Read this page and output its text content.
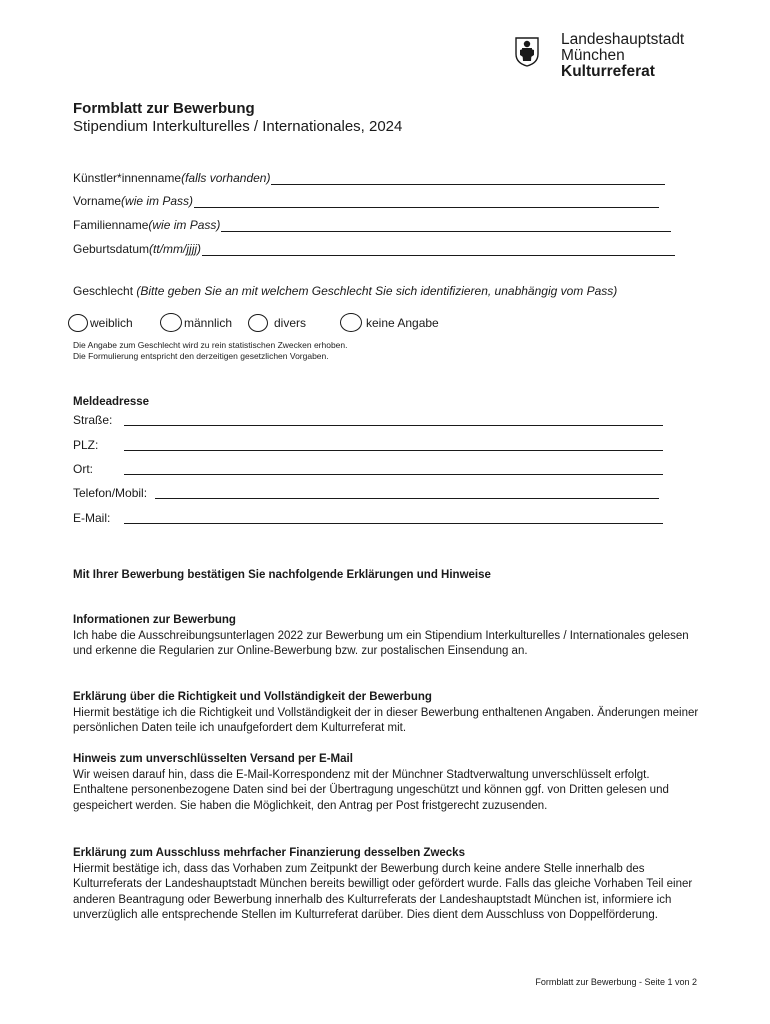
Landeshauptstadt
München
Kulturreferat
Formblatt zur Bewerbung
Stipendium Interkulturelles / Internationales, 2024
Künstler*innenname (falls vorhanden)
Vorname (wie im Pass)
Familienname (wie im Pass)
Geburtsdatum (tt/mm/jjjj)
Geschlecht (Bitte geben Sie an mit welchem Geschlecht Sie sich identifizieren, unabhängig vom Pass)
weiblich	männlich	divers	keine Angabe
Die Angabe zum Geschlecht wird zu rein statistischen Zwecken erhoben.
Die Formulierung entspricht den derzeitigen gesetzlichen Vorgaben.
Meldeadresse
Straße:
PLZ:
Ort:
Telefon/Mobil:
E-Mail:
Mit Ihrer Bewerbung bestätigen Sie nachfolgende Erklärungen und Hinweise
Informationen zur Bewerbung
Ich habe die Ausschreibungsunterlagen 2022 zur Bewerbung um ein Stipendium Interkulturelles / Internationales gelesen und erkenne die Regularien zur Online-Bewerbung bzw. zur postalischen Einsendung an.
Erklärung über die Richtigkeit und Vollständigkeit der Bewerbung
Hiermit bestätige ich die Richtigkeit und Vollständigkeit der in dieser Bewerbung enthaltenen Angaben. Änderungen meiner persönlichen Daten teile ich unaufgefordert dem Kulturreferat mit.
Hinweis zum unverschlüsselten Versand per E-Mail
Wir weisen darauf hin, dass die E-Mail-Korrespondenz mit der Münchner Stadtverwaltung unverschlüsselt erfolgt. Enthaltene personenbezogene Daten sind bei der Übertragung ungeschützt und können ggf. von Dritten gelesen und gespeichert werden. Sie haben die Möglichkeit, den Antrag per Post fristgerecht zuzusenden.
Erklärung zum Ausschluss mehrfacher Finanzierung desselben Zwecks
Hiermit bestätige ich, dass das Vorhaben zum Zeitpunkt der Bewerbung durch keine andere Stelle innerhalb des Kulturreferats der Landeshauptstadt München bereits bewilligt oder gefördert wurde. Falls das gleiche Vorhaben Teil einer anderen Beantragung oder Bewerbung innerhalb des Kulturreferats der Landeshauptstadt München ist, informiere ich unverzüglich alle entsprechende Stellen im Kulturreferat darüber. Dies dient dem Ausschluss von Doppelförderung.
Formblatt zur Bewerbung - Seite 1 von 2
